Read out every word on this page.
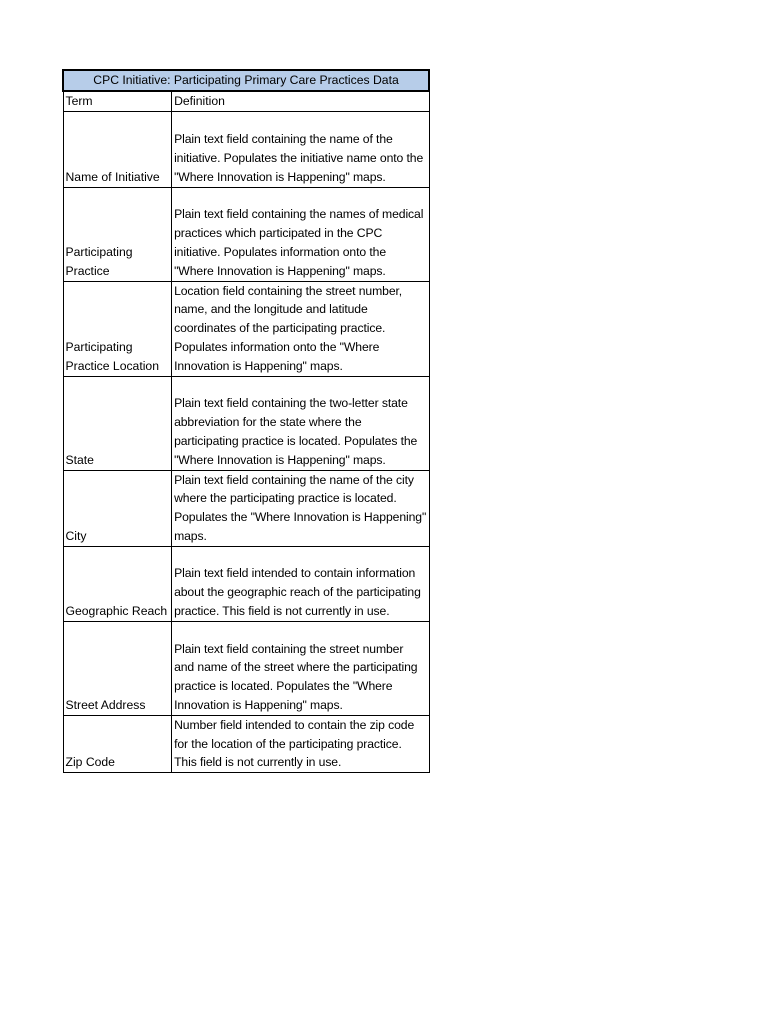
CPC Initiative: Participating Primary Care Practices Data	
Term	Definition
Name of Initiative	Plain text field containing the name of the initiative. Populates the initiative name onto the "Where Innovation is Happening" maps.
Participating Practice	Plain text field containing the names of medical practices which participated in the CPC initiative. Populates information onto the "Where Innovation is Happening" maps.
Participating Practice Location	Location field containing the street number, name, and the longitude and latitude coordinates of the participating practice. Populates information onto the "Where Innovation is Happening" maps.
State	Plain text field containing the two-letter state abbreviation for the state where the participating practice is located. Populates the "Where Innovation is Happening" maps.
City	Plain text field containing the name of the city where the participating practice is located. Populates the "Where Innovation is Happening" maps.
Geographic Reach	Plain text field intended to contain information about the geographic reach of the participating practice. This field is not currently in use.
Street Address	Plain text field containing the street number and name of the street where the participating practice is located. Populates the "Where Innovation is Happening" maps.
Zip Code	Number field intended to contain the zip code for the location of the participating practice. This field is not currently in use.
